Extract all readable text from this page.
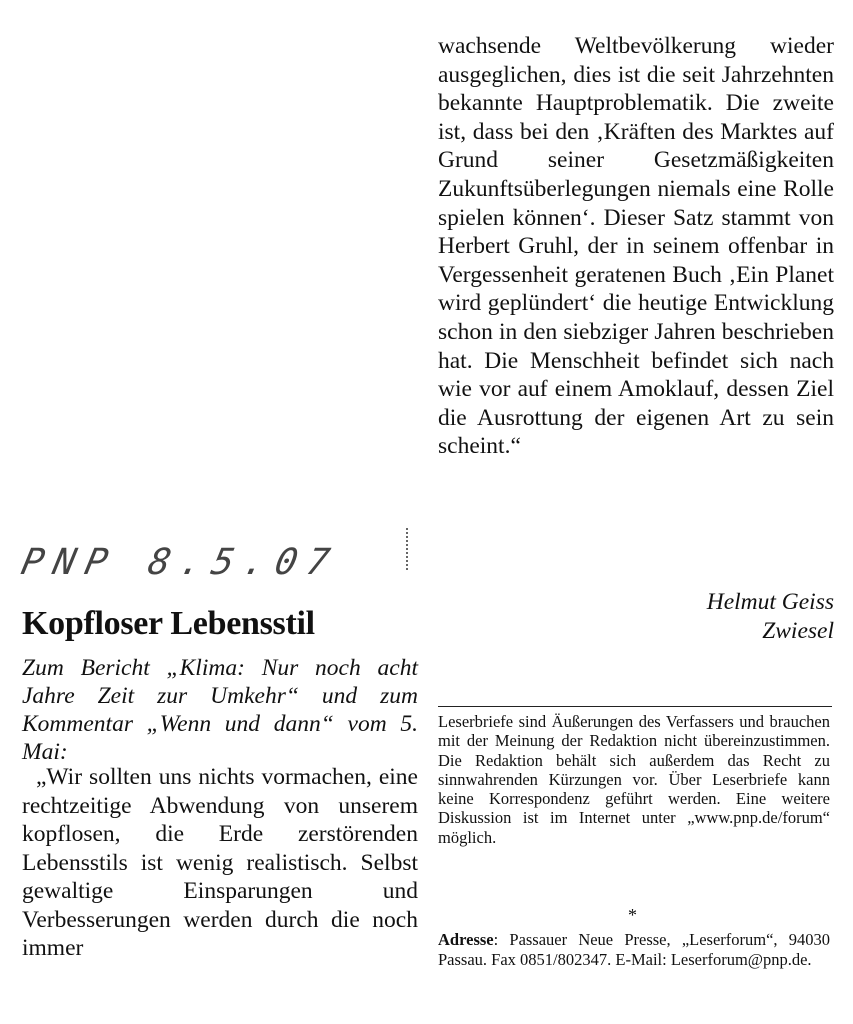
PNP 8.5.07
Kopfloser Lebensstil

Zum Bericht „Klima: Nur noch acht Jahre Zeit zur Umkehr“ und zum Kommentar „Wenn und dann“ vom 5. Mai:

„Wir sollten uns nichts vormachen, eine rechtzeitige Abwendung von unserem kopflosen, die Erde zerstörenden Lebensstils ist wenig realistisch. Selbst gewaltige Einsparungen und Verbesserungen werden durch die noch immer

wachsende Weltbevölkerung wieder ausgeglichen, dies ist die seit Jahrzehnten bekannte Hauptproblematik. Die zweite ist, dass bei den ‚Kräften des Marktes auf Grund seiner Gesetzmäßigkeiten Zukunftsüberlegungen niemals eine Rolle spielen können‘. Dieser Satz stammt von Herbert Gruhl, der in seinem offenbar in Vergessenheit geratenen Buch ‚Ein Planet wird geplündert‘ die heutige Entwicklung schon in den siebziger Jahren beschrieben hat. Die Menschheit befindet sich nach wie vor auf einem Amoklauf, dessen Ziel die Ausrottung der eigenen Art zu sein scheint.“

Helmut Geiss
Zwiesel

Leserbriefe sind Äußerungen des Verfassers und brauchen mit der Meinung der Redaktion nicht übereinzustimmen. Die Redaktion behält sich außerdem das Recht zu sinnwahrenden Kürzungen vor. Über Leserbriefe kann keine Korrespondenz geführt werden. Eine weitere Diskussion ist im Internet unter „www.pnp.de/forum“ möglich.

*

Adresse: Passauer Neue Presse, „Leserforum“, 94030 Passau. Fax 0851/802347. E-Mail: Leserforum@pnp.de.
